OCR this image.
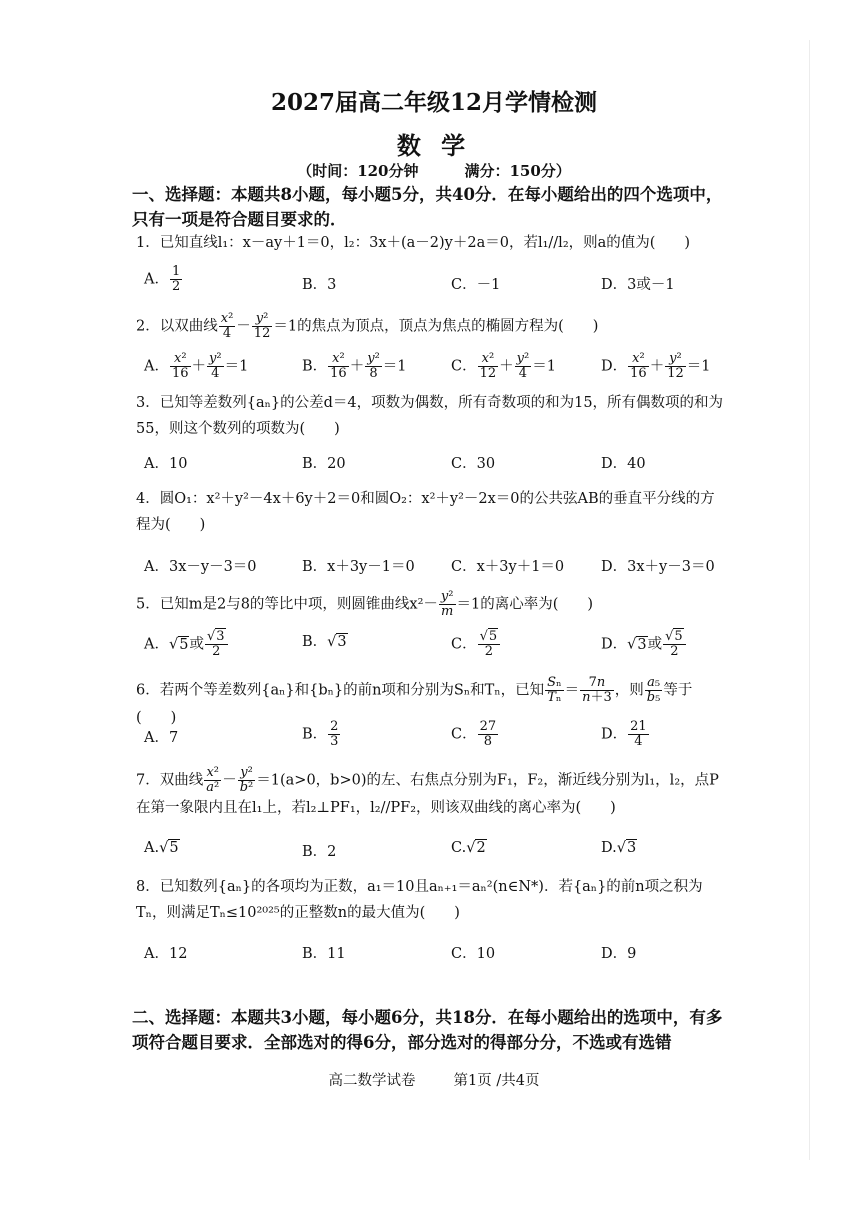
2027届高二年级12月学情检测
数 学
（时间：120分钟	满分：150分）
一、选择题：本题共8小题，每小题5分，共40分．在每小题给出的四个选项中，只有一项是符合题目要求的．
1．已知直线l₁：x－ay＋1＝0，l₂：3x＋(a－2)y＋2a＝0，若l₁//l₂，则a的值为(　　)
A． $\frac{1}{2}$	B．3	C．－1	D．3或－1
2．以双曲线 $\frac{\text{x²}}{4} - \frac{\text{y²}}{12} =1$的焦点为顶点，顶点为焦点的椭圆方程为(　　)
A． $\frac{\text{x²}}{16} + \frac{\text{y²}}{4} =1$	B． $\frac{\text{x²}}{16} + \frac{\text{y²}}{8} =1$	C． $\frac{\text{x²}}{12} + \frac{\text{y²}}{4} =1$	D． $\frac{\text{x²}}{16} + \frac{\text{y²}}{12} =1$
3．已知等差数列{aₙ}的公差d＝4，项数为偶数，所有奇数项的和为15，所有偶数项的和为55，则这个数列的项数为(　　)
A．10	B．20	C．30	D．40
4．圆O₁：x²＋y²－4x＋6y＋2＝0和圆O₂：x²＋y²－2x＝0的公共弦AB的垂直平分线的方程为(　　)
A．3x－y－3＝0	B．x＋3y－1＝0	C．x＋3y＋1＝0	D．3x＋y－3＝0
5．已知m是2与8的等比中项，则圆锥曲线$x^2- \frac{\text{y²}}{m} =1$的离心率为(　　)
A．√5或 $\frac{√3}{2}$	B．√3	C． $\frac{√5}{2}$	D．√3或 $\frac{√5}{2}$
6．若两个等差数列{aₙ}和{bₙ}的前n项和分别为Sₙ和Tₙ，已知 $\frac{\text{Sₙ}}{\text{Tₙ}} = \frac{7n}{n+3}$ ，则 $\frac{\text{a₅}}{\text{b₅}}$ 等于(　　)
A．7	B． $\frac{2}{3}$	C． $\frac{27}{8}$	D． $\frac{21}{4}$
7．双曲线 $\frac{\text{x²}}{\text{a²}} - \frac{\text{y²}}{\text{b²}} =1(a>0$，b>0)的左、右焦点分别为F₁，F₂，渐近线分别为l₁，l₂，点P在第一象限内且在l₁上，若l₂⊥PF₁，l₂//PF₂，则该双曲线的离心率为(　　)
A.√5	B．2	C.√2	D.√3
8．已知数列{aₙ}的各项均为正数，a₁＝10且aₙ₊₁＝aₙ²(n∈N*)．若{aₙ}的前n项之积为Tₙ，则满足Tₙ≤10²⁰²⁵的正整数n的最大值为(　　)
A．12	B．11	C．10	D．9
二、选择题：本题共3小题，每小题6分，共18分．在每小题给出的选项中，有多项符合题目要求．全部选对的得6分，部分选对的得部分分，不选或有选错
高二数学试卷	第1页 /共4页
